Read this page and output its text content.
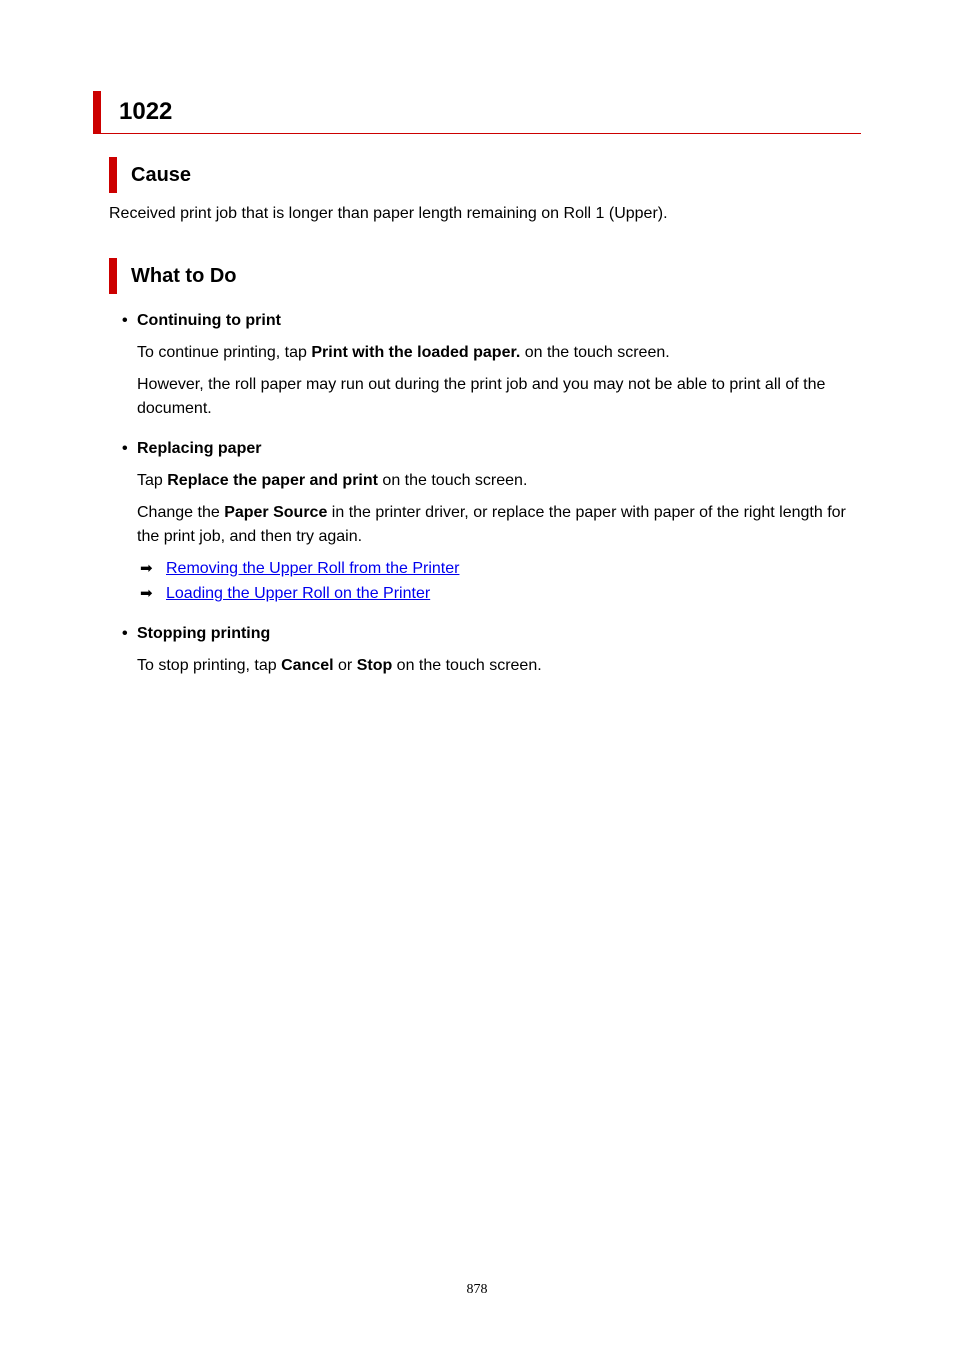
1022
Cause

Received print job that is longer than paper length remaining on Roll 1 (Upper).

What to Do
• Continuing to print

To continue printing, tap Print with the loaded paper. on the touch screen.

However, the roll paper may run out during the print job and you may not be able to print all of the document.

• Replacing paper

Tap Replace the paper and print on the touch screen.

Change the Paper Source in the printer driver, or replace the paper with paper of the right length for the print job, and then try again.

➡ Removing the Upper Roll from the Printer
➡ Loading the Upper Roll on the Printer
• Stopping printing

To stop printing, tap Cancel or Stop on the touch screen.

878
